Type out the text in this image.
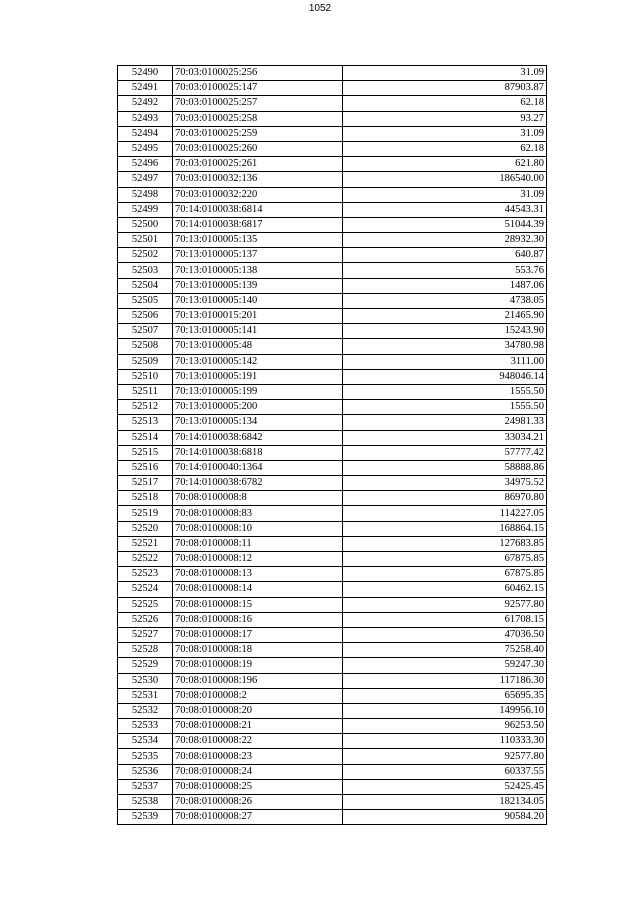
1052
52490	70:03:0100025:256	31.09
52491	70:03:0100025:147	87903.87
52492	70:03:0100025:257	62.18
52493	70:03:0100025:258	93.27
52494	70:03:0100025:259	31.09
52495	70:03:0100025:260	62.18
52496	70:03:0100025:261	621.80
52497	70:03:0100032:136	186540.00
52498	70:03:0100032:220	31.09
52499	70:14:0100038:6814	44543.31
52500	70:14:0100038:6817	51044.39
52501	70:13:0100005:135	28932.30
52502	70:13:0100005:137	640.87
52503	70:13:0100005:138	553.76
52504	70:13:0100005:139	1487.06
52505	70:13:0100005:140	4738.05
52506	70:13:0100015:201	21465.90
52507	70:13:0100005:141	15243.90
52508	70:13:0100005:48	34780.98
52509	70:13:0100005:142	3111.00
52510	70:13:0100005:191	948046.14
52511	70:13:0100005:199	1555.50
52512	70:13:0100005:200	1555.50
52513	70:13:0100005:134	24981.33
52514	70:14:0100038:6842	33034.21
52515	70:14:0100038:6818	57777.42
52516	70:14:0100040:1364	58888.86
52517	70:14:0100038:6782	34975.52
52518	70:08:0100008:8	86970.80
52519	70:08:0100008:83	114227.05
52520	70:08:0100008:10	168864.15
52521	70:08:0100008:11	127683.85
52522	70:08:0100008:12	67875.85
52523	70:08:0100008:13	67875.85
52524	70:08:0100008:14	60462.15
52525	70:08:0100008:15	92577.80
52526	70:08:0100008:16	61708.15
52527	70:08:0100008:17	47036.50
52528	70:08:0100008:18	75258.40
52529	70:08:0100008:19	59247.30
52530	70:08:0100008:196	117186.30
52531	70:08:0100008:2	65695.35
52532	70:08:0100008:20	149956.10
52533	70:08:0100008:21	96253.50
52534	70:08:0100008:22	110333.30
52535	70:08:0100008:23	92577.80
52536	70:08:0100008:24	60337.55
52537	70:08:0100008:25	52425.45
52538	70:08:0100008:26	182134.05
52539	70:08:0100008:27	90584.20
